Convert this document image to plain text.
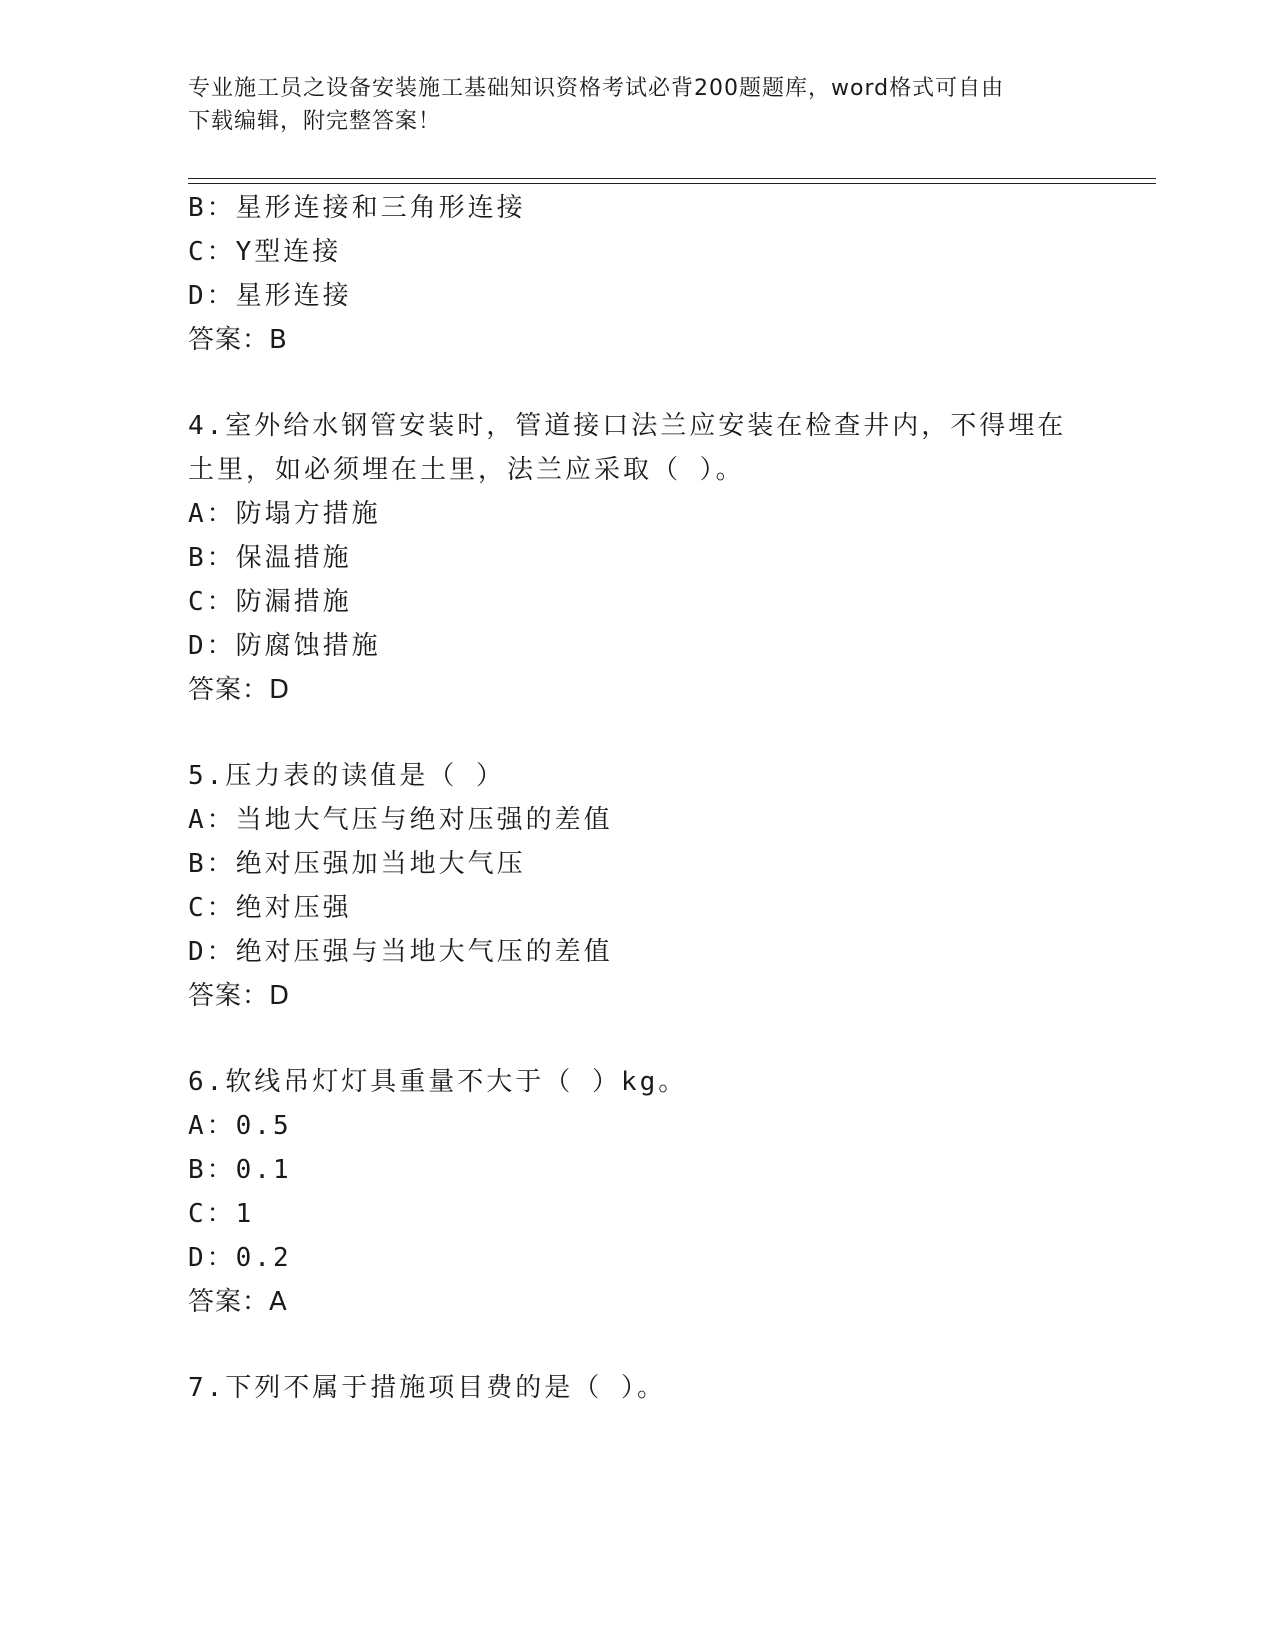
专业施工员之设备安装施工基础知识资格考试必背200题题库，word格式可自由
下载编辑，附完整答案！
B：星形连接和三角形连接
C：Y型连接
D：星形连接
答案：B
4.室外给水钢管安装时，管道接口法兰应安装在检查井内，不得埋在
土里，如必须埋在土里，法兰应采取（ ）。
A：防塌方措施
B：保温措施
C：防漏措施
D：防腐蚀措施
答案：D
5.压力表的读值是（ ）
A：当地大气压与绝对压强的差值
B：绝对压强加当地大气压
C：绝对压强
D：绝对压强与当地大气压的差值
答案：D
6.软线吊灯灯具重量不大于（ ）kg。
A：0.5
B：0.1
C：1
D：0.2
答案：A
7.下列不属于措施项目费的是（ ）。
